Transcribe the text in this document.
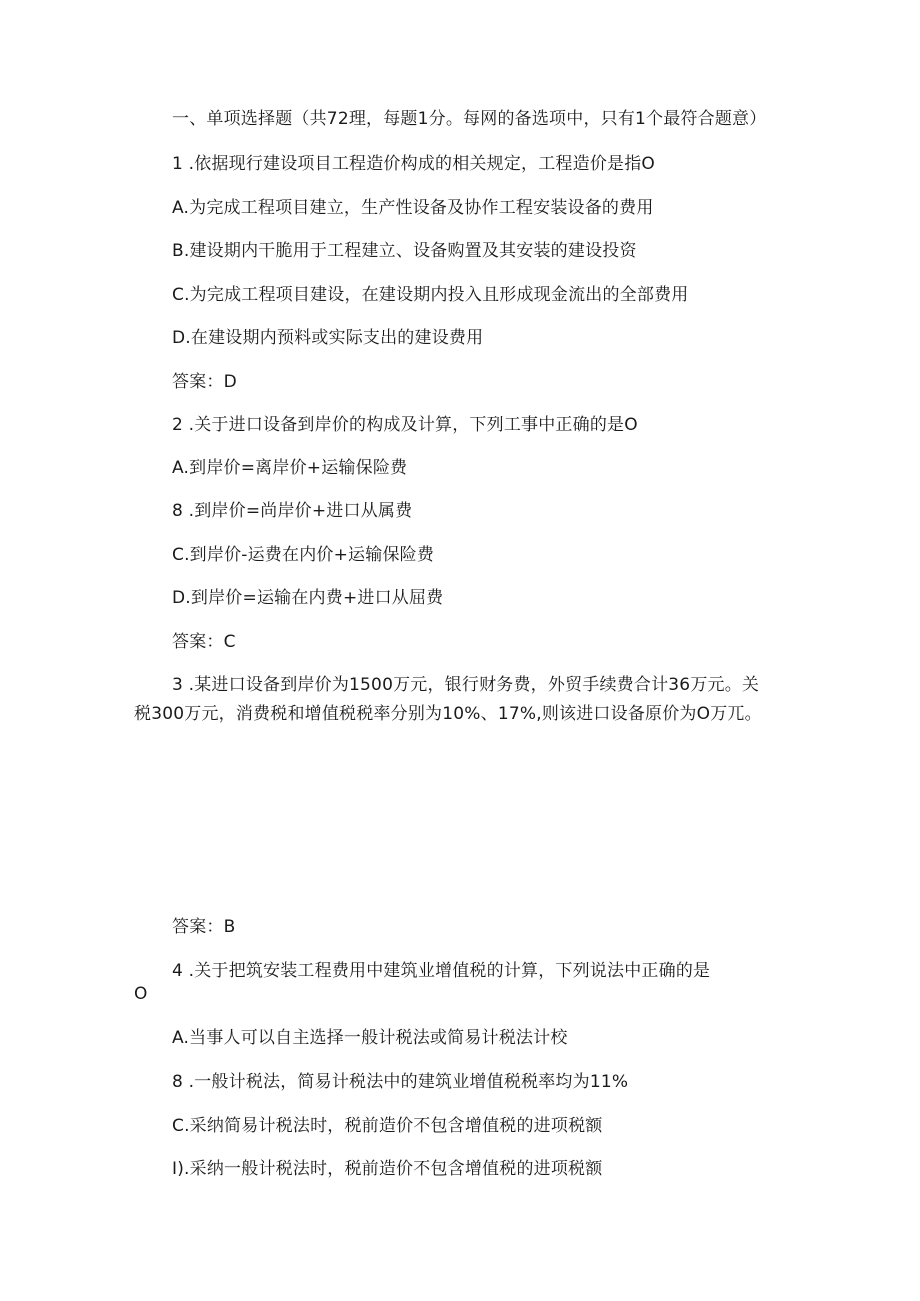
一、单项选择题（共72理，每题1分。每网的备选项中，只有1个最符合题意）
1 .依据现行建设项目工程造价构成的相关规定，工程造价是指O
A.为完成工程项目建立，生产性设备及协作工程安装设备的费用
B.建设期内干脆用于工程建立、设备购置及其安装的建设投资
C.为完成工程项目建设，在建设期内投入且形成现金流出的全部费用
D.在建设期内预料或实际支出的建设费用
答案：D
2 .关于进口设备到岸价的构成及计算，下列工事中正确的是O
A.到岸价=离岸价+运输保险费
8 .到岸价=尚岸价+进口从属费
C.到岸价-运费在内价+运输保险费
D.到岸价=运输在内费+进口从屈费
答案：C
3 .某进口设备到岸价为1500万元，银行财务费，外贸手续费合计36万元。关
税300万元，消费税和增值税税率分别为10%、17%,则该进口设备原价为O万兀。
答案：B
4 .关于把筑安装工程费用中建筑业增值税的计算，下列说法中正确的是
O
A.当事人可以自主选择一般计税法或简易计税法计校
8 .一般计税法，简易计税法中的建筑业增值税税率均为11%
C.采纳简易计税法时，税前造价不包含增值税的进项税额
I).采纳一般计税法时，税前造价不包含增值税的进项税额
